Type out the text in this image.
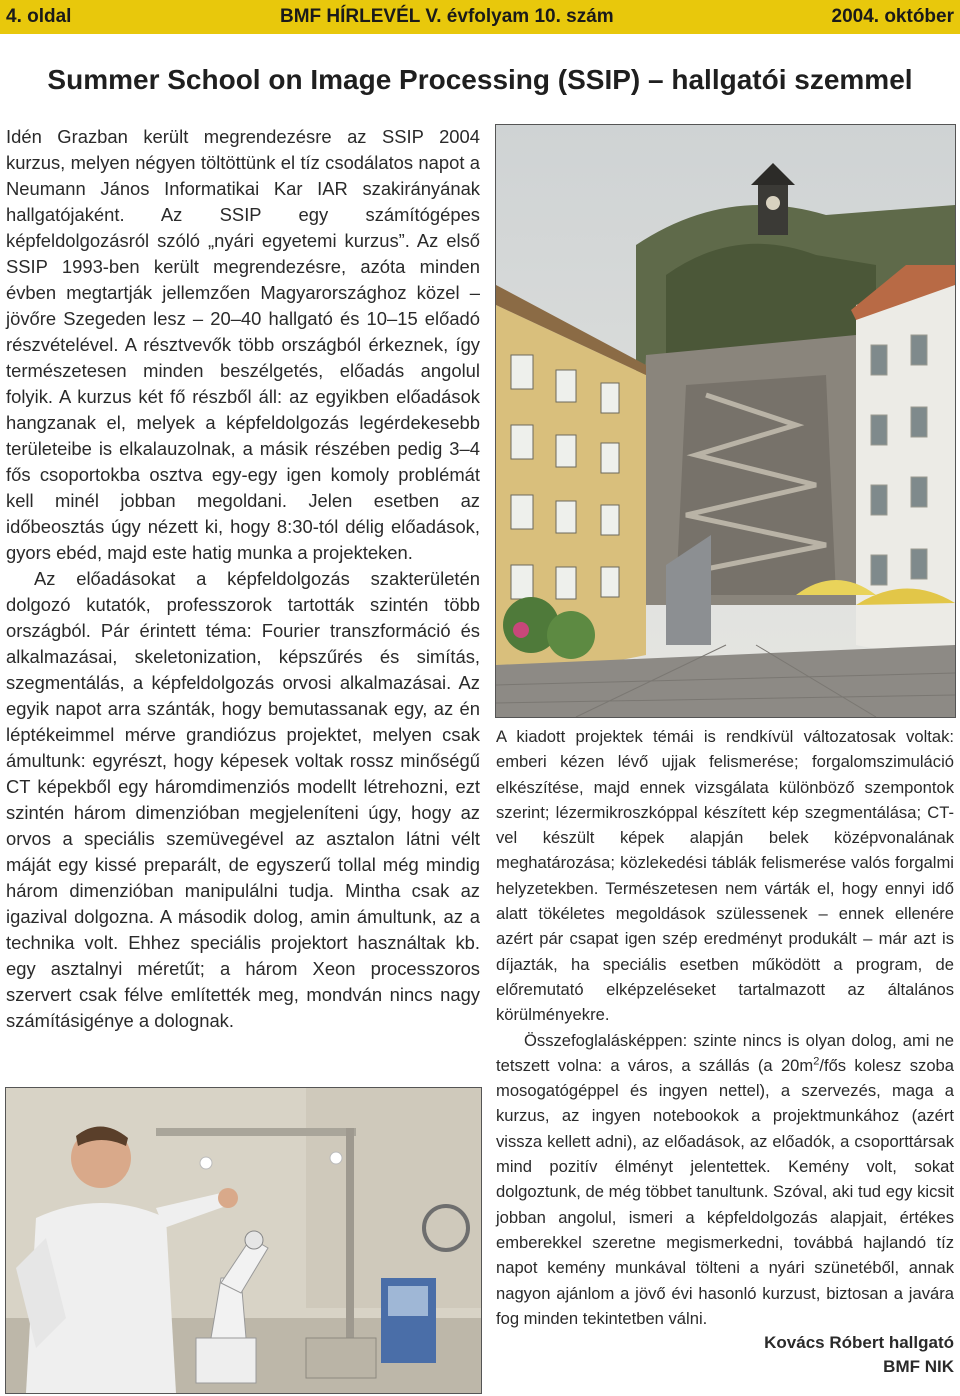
4. oldal	BMF HÍRLEVÉL V. évfolyam 10. szám	2004. október
Summer School on Image Processing (SSIP) – hallgatói szemmel

Idén Grazban került megrendezésre az SSIP 2004 kurzus, melyen négyen töltöttünk el tíz csodálatos napot a Neumann János Informatikai Kar IAR szakirányának hallgatójaként. Az SSIP egy számítógépes képfeldolgozásról szóló „nyári egyetemi kurzus”. Az első SSIP 1993-ben került megrendezésre, azóta minden évben megtartják jellemzően Magyarországhoz közel – jövőre Szegeden lesz – 20–40 hallgató és 10–15 előadó részvételével. A résztvevők több országból érkeznek, így természetesen minden beszélgetés, előadás angolul folyik. A kurzus két fő részből áll: az egyikben előadások hangzanak el, melyek a képfeldolgozás legérdekesebb területeibe is elkalauzolnak, a másik részében pedig 3–4 fős csoportokba osztva egy-egy igen komoly problémát kell minél jobban megoldani. Jelen esetben az időbeosztás úgy nézett ki, hogy 8:30-tól délig előadások, gyors ebéd, majd este hatig munka a projekteken.

Az előadásokat a képfeldolgozás szakterületén dolgozó kutatók, professzorok tartották szintén több országból. Pár érintett téma: Fourier transzformáció és alkalmazásai, skeletonization, képszűrés és simítás, szegmentálás, a képfeldolgozás orvosi alkalmazásai. Az egyik napot arra szánták, hogy bemutassanak egy, az én léptékeimmel mérve grandiózus projektet, melyen csak ámultunk: egyrészt, hogy képesek voltak rossz minőségű CT képekből egy háromdimenziós modellt létrehozni, ezt szintén három dimenzióban megjeleníteni úgy, hogy az orvos a speciális szemüvegével az asztalon látni vélt máját egy kissé preparált, de egyszerű tollal még mindig három dimenzióban manipulálni tudja. Mintha csak az igazival dolgozna. A második dolog, amin ámultunk, az a technika volt. Ehhez speciális projektort használtak kb. egy asztalnyi méretűt; a három Xeon processzoros szervert csak félve említették meg, mondván nincs nagy számításigénye a dolognak.

A kiadott projektek témái is rendkívül változatosak voltak: emberi kézen lévő ujjak felismerése; forgalomszimuláció elkészítése, majd ennek vizsgálata különböző szempontok szerint; lézermikroszkóppal készített kép szegmentálása; CT-vel készült képek alapján belek középvonalának meghatározása; közlekedési táblák felismerése valós forgalmi helyzetekben. Természetesen nem várták el, hogy ennyi idő alatt tökéletes megoldások szülessenek – ennek ellenére azért pár csapat igen szép eredményt produkált – már azt is díjazták, ha speciális esetben működött a program, de előremutató elképzeléseket tartalmazott az általános körülményekre.

Összefoglalásképpen: szinte nincs is olyan dolog, ami ne tetszett volna: a város, a szállás (a $20m^2$/fős kolesz szoba mosogatógéppel és ingyen nettel), a szervezés, maga a kurzus, az ingyen notebookok a projektmunkához (azért vissza kellett adni), az előadások, az előadók, a csoporttársak mind pozitív élményt jelentettek. Kemény volt, sokat dolgoztunk, de még többet tanultunk. Szóval, aki tud egy kicsit jobban angolul, ismeri a képfeldolgozás alapjait, értékes emberekkel szeretne megismerkedni, továbbá hajlandó tíz napot kemény munkával tölteni a nyári szünetéből, annak nagyon ajánlom a jövő évi hasonló kurzust, biztosan a javára fog minden tekintetben válni.

Kovács Róbert hallgató
BMF NIK
